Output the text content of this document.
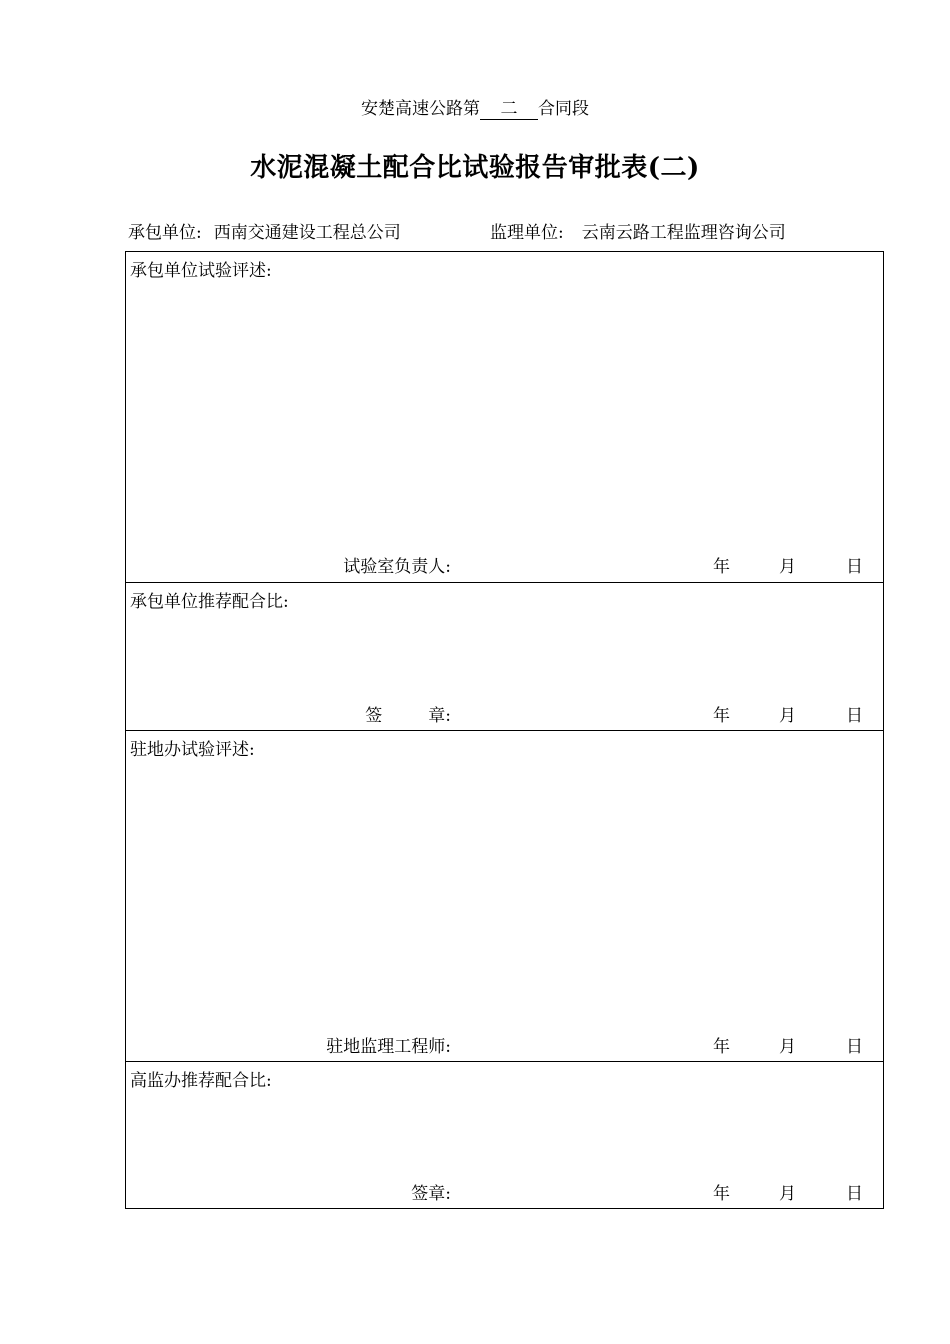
安楚高速公路第 二 合同段
水泥混凝土配合比试验报告审批表(二)
承包单位: 西南交通建设工程总公司	监理单位: 云南云路工程监理咨询公司
承包单位试验评述:
试验室负责人:	年	月	日
承包单位推荐配合比:
签	章:	年	月	日
驻地办试验评述:
驻地监理工程师:	年	月	日
高监办推荐配合比:
签章:	年	月	日
